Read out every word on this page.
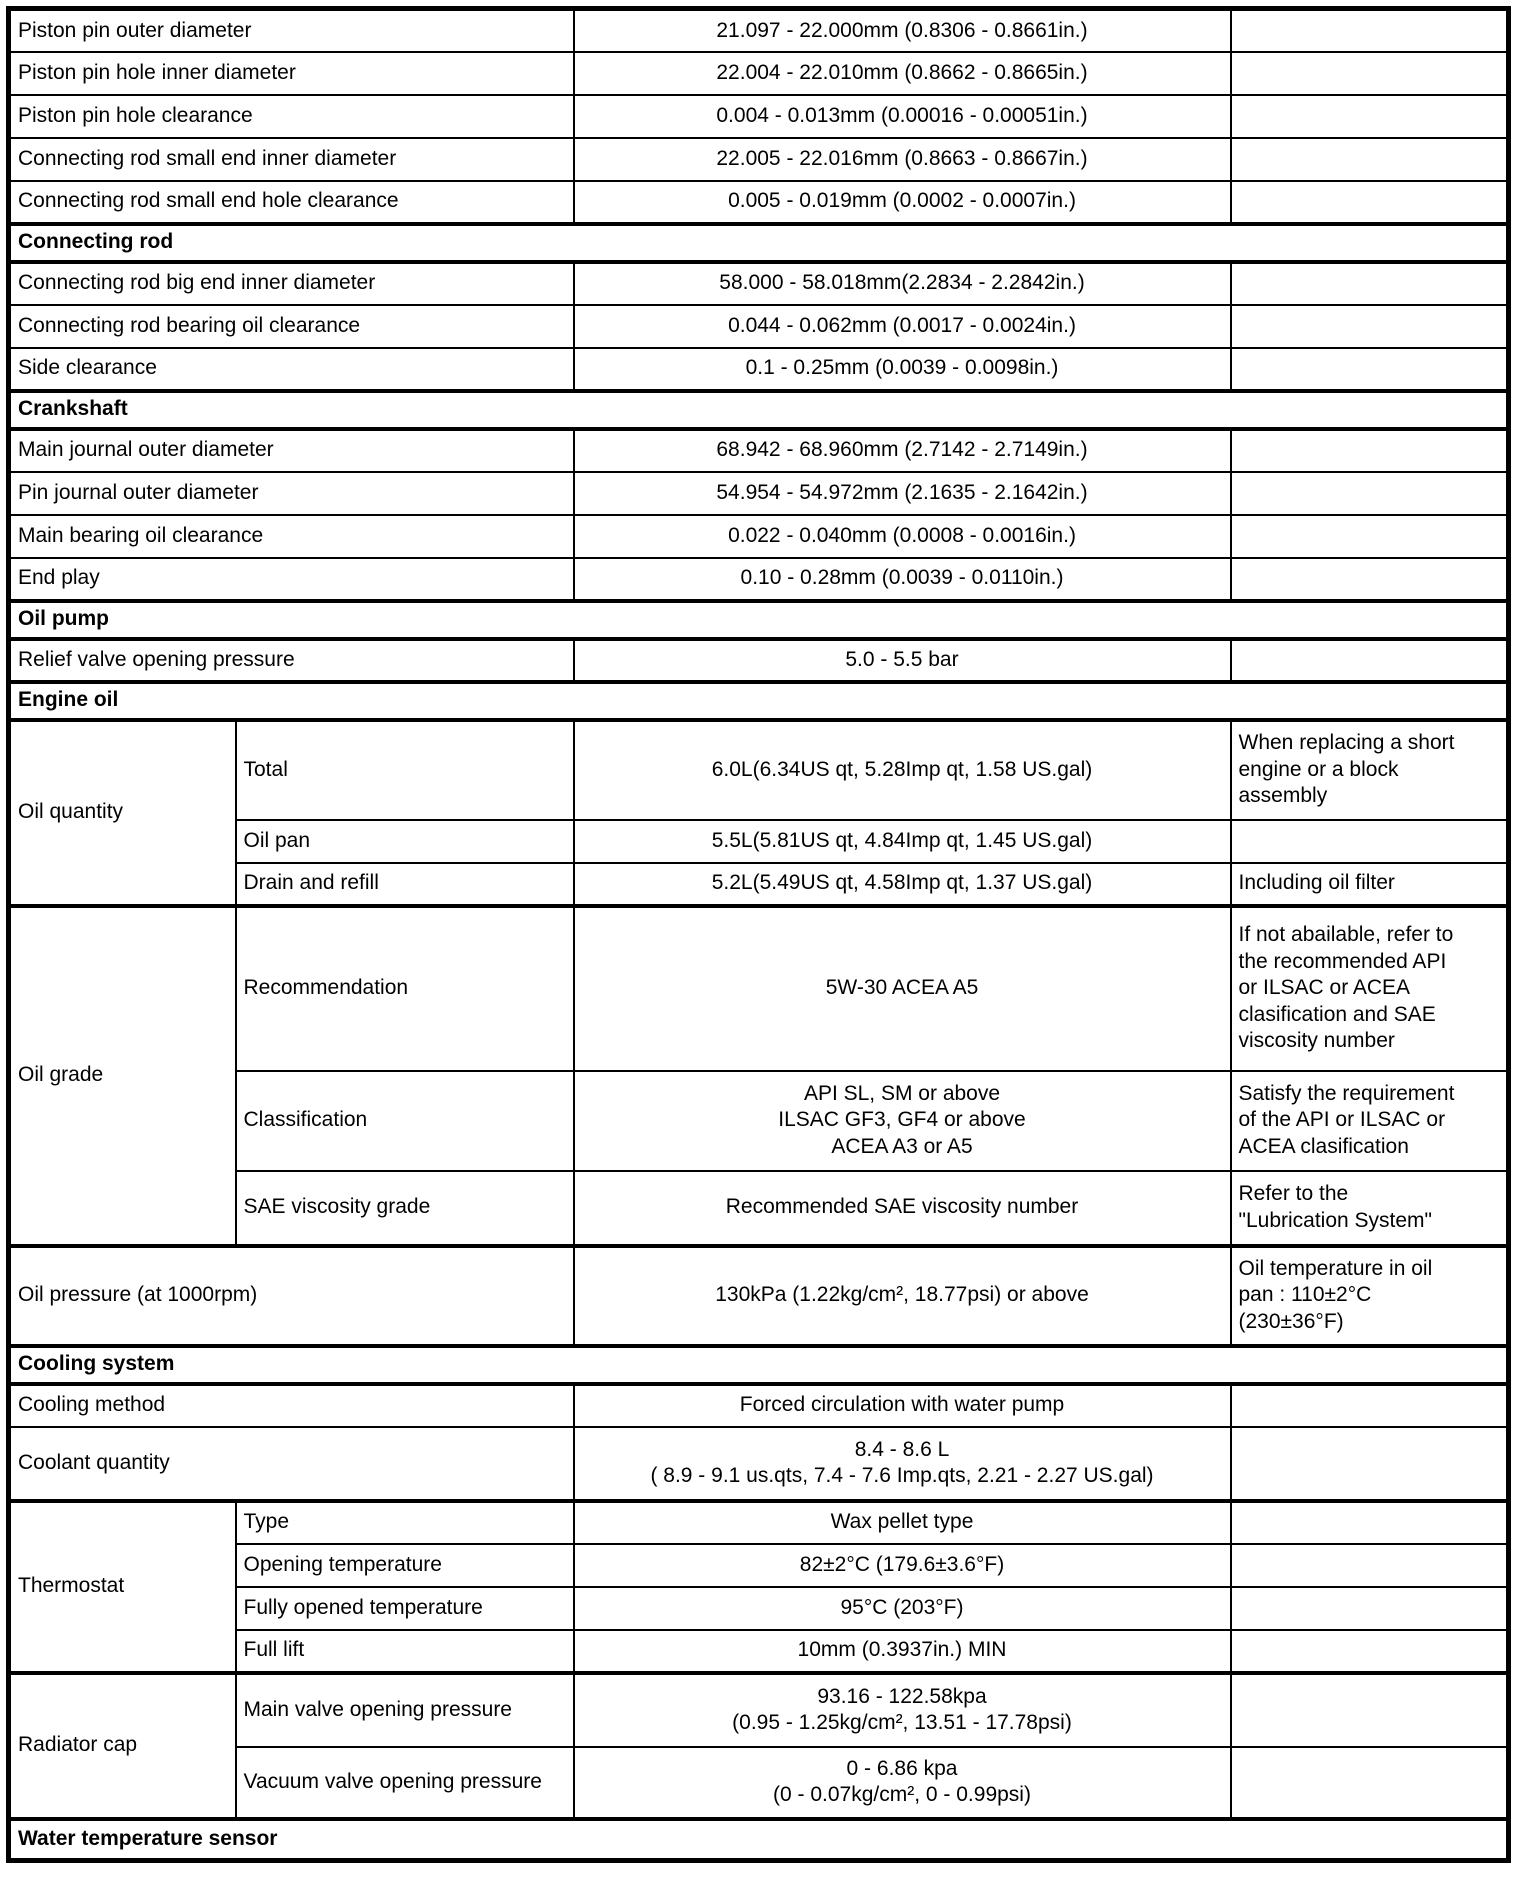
Piston pin outer diameter		21.097 - 22.000mm (0.8306 - 0.8661in.)	
Piston pin hole inner diameter		22.004 - 22.010mm (0.8662 - 0.8665in.)	
Piston pin hole clearance		0.004 - 0.013mm (0.00016 - 0.00051in.)	
Connecting rod small end inner diameter		22.005 - 22.016mm (0.8663 - 0.8667in.)	
Connecting rod small end hole clearance		0.005 - 0.019mm (0.0002 - 0.0007in.)	
Connecting rod			
Connecting rod big end inner diameter		58.000 - 58.018mm(2.2834 - 2.2842in.)	
Connecting rod bearing oil clearance		0.044 - 0.062mm (0.0017 - 0.0024in.)	
Side clearance		0.1 - 0.25mm (0.0039 - 0.0098in.)	
Crankshaft			
Main journal outer diameter		68.942 - 68.960mm (2.7142 - 2.7149in.)	
Pin journal outer diameter		54.954 - 54.972mm (2.1635 - 2.1642in.)	
Main bearing oil clearance		0.022 - 0.040mm (0.0008 - 0.0016in.)	
End play		0.10 - 0.28mm (0.0039 - 0.0110in.)	
Oil pump			
Relief valve opening pressure		5.0 - 5.5 bar	
Engine oil			
Oil quantity	Total	6.0L(6.34US qt, 5.28Imp qt, 1.58 US.gal)	When replacing a short
engine or a block
assembly
	Oil pan	5.5L(5.81US qt, 4.84Imp qt, 1.45 US.gal)	
	Drain and refill	5.2L(5.49US qt, 4.58Imp qt, 1.37 US.gal)	Including oil filter
Oil grade	Recommendation	5W-30 ACEA A5	If not abailable, refer to
the recommended API
or ILSAC or ACEA
clasification and SAE
viscosity number
	Classification	API SL, SM or above
ILSAC GF3, GF4 or above
ACEA A3 or A5	Satisfy the requirement
of the API or ILSAC or
ACEA clasification
	SAE viscosity grade	Recommended SAE viscosity number	Refer to the
"Lubrication System"
Oil pressure (at 1000rpm)		130kPa (1.22kg/cm², 18.77psi) or above	Oil temperature in oil
pan : 110±2°C
(230±36°F)
Cooling system			
Cooling method		Forced circulation with water pump	
Coolant quantity		8.4 - 8.6 L
( 8.9 - 9.1 us.qts, 7.4 - 7.6 Imp.qts, 2.21 - 2.27 US.gal)	
Thermostat	Type	Wax pellet type	
	Opening temperature	82±2°C (179.6±3.6°F)	
	Fully opened temperature	95°C (203°F)	
	Full lift	10mm (0.3937in.) MIN	
Radiator cap	Main valve opening pressure	93.16 - 122.58kpa
(0.95 - 1.25kg/cm², 13.51 - 17.78psi)	
	Vacuum valve opening pressure	0 - 6.86 kpa
(0 - 0.07kg/cm², 0 - 0.99psi)	
Water temperature sensor			
